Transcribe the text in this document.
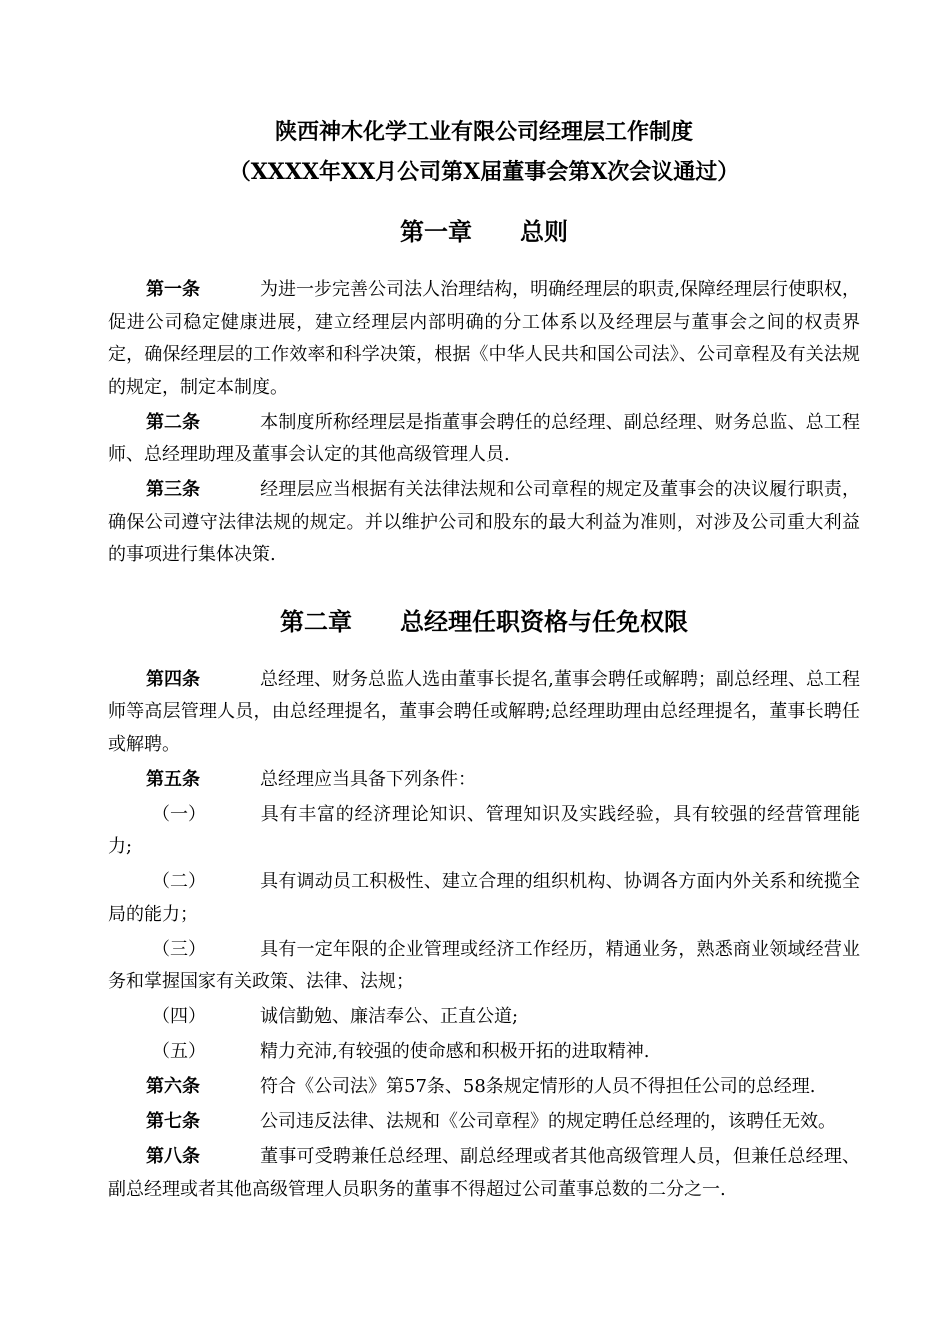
陕西神木化学工业有限公司经理层工作制度

（XXXX年XX月公司第X届董事会第X次会议通过）

第一章　　总则

第一条	为进一步完善公司法人治理结构，明确经理层的职责,保障经理层行使职权，促进公司稳定健康进展，建立经理层内部明确的分工体系以及经理层与董事会之间的权责界定，确保经理层的工作效率和科学决策，根据《中华人民共和国公司法》、公司章程及有关法规的规定，制定本制度。

第二条	本制度所称经理层是指董事会聘任的总经理、副总经理、财务总监、总工程师、总经理助理及董事会认定的其他高级管理人员.

第三条	经理层应当根据有关法律法规和公司章程的规定及董事会的决议履行职责，确保公司遵守法律法规的规定。并以维护公司和股东的最大利益为准则，对涉及公司重大利益的事项进行集体决策.

第二章　　总经理任职资格与任免权限

第四条	总经理、财务总监人选由董事长提名,董事会聘任或解聘；副总经理、总工程师等高层管理人员，由总经理提名，董事会聘任或解聘;总经理助理由总经理提名，董事长聘任或解聘。

第五条	总经理应当具备下列条件：

（一）	具有丰富的经济理论知识、管理知识及实践经验，具有较强的经营管理能力;

（二）	具有调动员工积极性、建立合理的组织机构、协调各方面内外关系和统揽全局的能力；

（三）	具有一定年限的企业管理或经济工作经历，精通业务，熟悉商业领域经营业务和掌握国家有关政策、法律、法规；

（四）	诚信勤勉、廉洁奉公、正直公道;

（五）	精力充沛,有较强的使命感和积极开拓的进取精神.

第六条	符合《公司法》第57条、58条规定情形的人员不得担任公司的总经理.

第七条	公司违反法律、法规和《公司章程》的规定聘任总经理的，该聘任无效。

第八条	董事可受聘兼任总经理、副总经理或者其他高级管理人员，但兼任总经理、副总经理或者其他高级管理人员职务的董事不得超过公司董事总数的二分之一.
